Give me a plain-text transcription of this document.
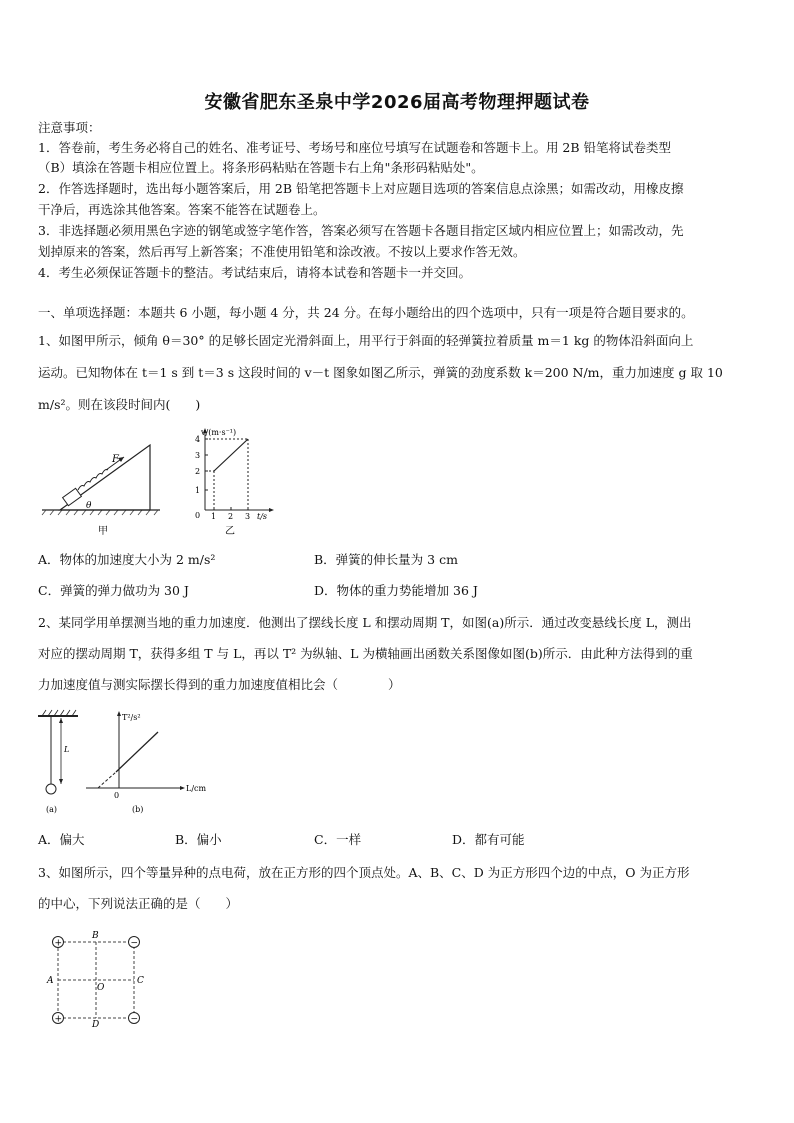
安徽省肥东圣泉中学2026届高考物理押题试卷
注意事项：
1．答卷前，考生务必将自己的姓名、准考证号、考场号和座位号填写在试题卷和答题卡上。用 2B 铅笔将试卷类型
（B）填涂在答题卡相应位置上。将条形码粘贴在答题卡右上角"条形码粘贴处"。
2．作答选择题时，选出每小题答案后，用 2B 铅笔把答题卡上对应题目选项的答案信息点涂黑；如需改动，用橡皮擦
干净后，再选涂其他答案。答案不能答在试题卷上。
3．非选择题必须用黑色字迹的钢笔或签字笔作答，答案必须写在答题卡各题目指定区域内相应位置上；如需改动，先
划掉原来的答案，然后再写上新答案；不准使用铅笔和涂改液。不按以上要求作答无效。
4．考生必须保证答题卡的整洁。考试结束后，请将本试卷和答题卡一并交回。
一、单项选择题：本题共 6 小题，每小题 4 分，共 24 分。在每小题给出的四个选项中，只有一项是符合题目要求的。
1、如图甲所示，倾角 θ＝30° 的足够长固定光滑斜面上，用平行于斜面的轻弹簧拉着质量 m＝1 kg 的物体沿斜面向上
运动。已知物体在 t＝1 s 到 t＝3 s 这段时间的 v－t 图象如图乙所示，弹簧的劲度系数 k＝200 N/m，重力加速度 g 取 10
m/s²。则在该段时间内(　　)
F
θ
甲
v/(m·s⁻¹)
4
3
2
1
0 1 2 3 t/s
乙
A．物体的加速度大小为 2 m/s²	B．弹簧的伸长量为 3 cm
C．弹簧的弹力做功为 30 J	D．物体的重力势能增加 36 J
2、某同学用单摆测当地的重力加速度．他测出了摆线长度 L 和摆动周期 T，如图(a)所示．通过改变悬线长度 L，测出
对应的摆动周期 T，获得多组 T 与 L，再以 T² 为纵轴、L 为横轴画出函数关系图像如图(b)所示．由此种方法得到的重
力加速度值与测实际摆长得到的重力加速度值相比会（　　　　）
L
(a)
T²/s²
L/cm
0
(b)
A．偏大	B．偏小	C．一样	D．都有可能
3、如图所示，四个等量异种的点电荷，放在正方形的四个顶点处。A、B、C、D 为正方形四个边的中点，O 为正方形
的中心，下列说法正确的是（　　）
+	−
+	−
B
A	C
D
O
